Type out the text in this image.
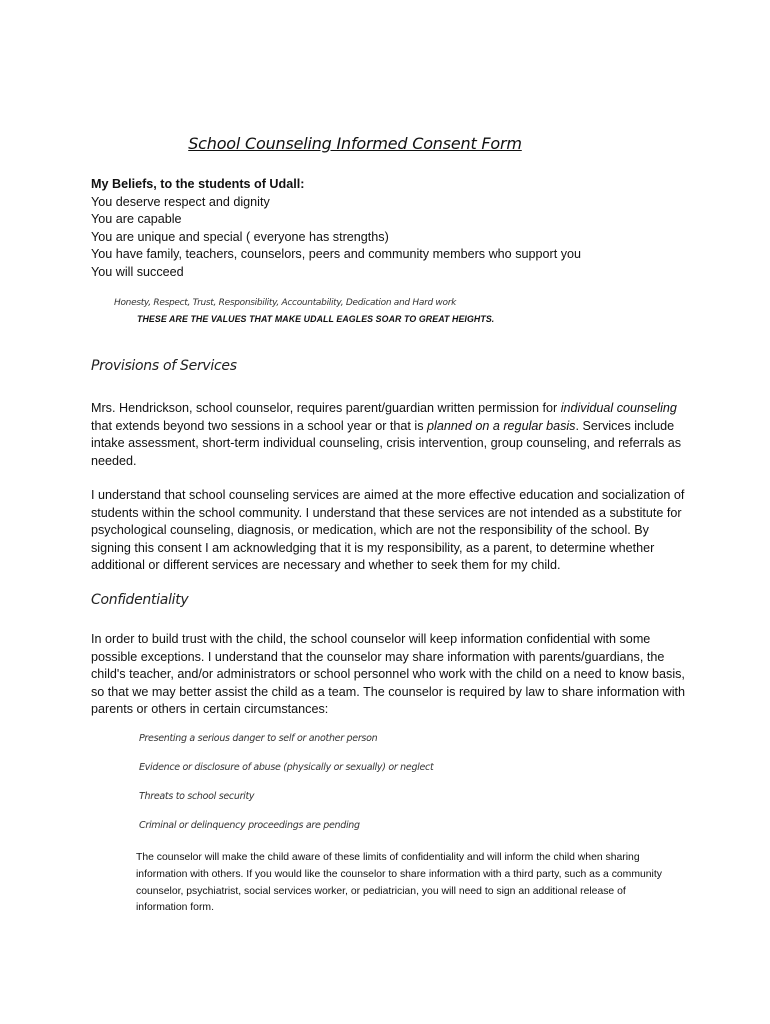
School Counseling Informed Consent Form
My Beliefs, to the students of Udall:
You deserve respect and dignity
You are capable
You are unique and special ( everyone has strengths)
You have family, teachers, counselors, peers and community members who support you
You will succeed
Honesty, Respect, Trust, Responsibility, Accountability, Dedication and Hard work
THESE ARE THE VALUES THAT MAKE UDALL EAGLES SOAR TO GREAT HEIGHTS.
Provisions of Services
Mrs. Hendrickson, school counselor, requires parent/guardian written permission for individual counseling that extends beyond two sessions in a school year or that is planned on a regular basis. Services include intake assessment, short-term individual counseling, crisis intervention, group counseling, and referrals as needed.
I understand that school counseling services are aimed at the more effective education and socialization of students within the school community. I understand that these services are not intended as a substitute for psychological counseling, diagnosis, or medication, which are not the responsibility of the school. By signing this consent I am acknowledging that it is my responsibility, as a parent, to determine whether additional or different services are necessary and whether to seek them for my child.
Confidentiality
In order to build trust with the child, the school counselor will keep information confidential with some possible exceptions. I understand that the counselor may share information with parents/guardians, the child's teacher, and/or administrators or school personnel who work with the child on a need to know basis, so that we may better assist the child as a team. The counselor is required by law to share information with parents or others in certain circumstances:
Presenting a serious danger to self or another person
Evidence or disclosure of abuse (physically or sexually) or neglect
Threats to school security
Criminal or delinquency proceedings are pending
The counselor will make the child aware of these limits of confidentiality and will inform the child when sharing information with others. If you would like the counselor to share information with a third party, such as a community counselor, psychiatrist, social services worker, or pediatrician, you will need to sign an additional release of information form.
